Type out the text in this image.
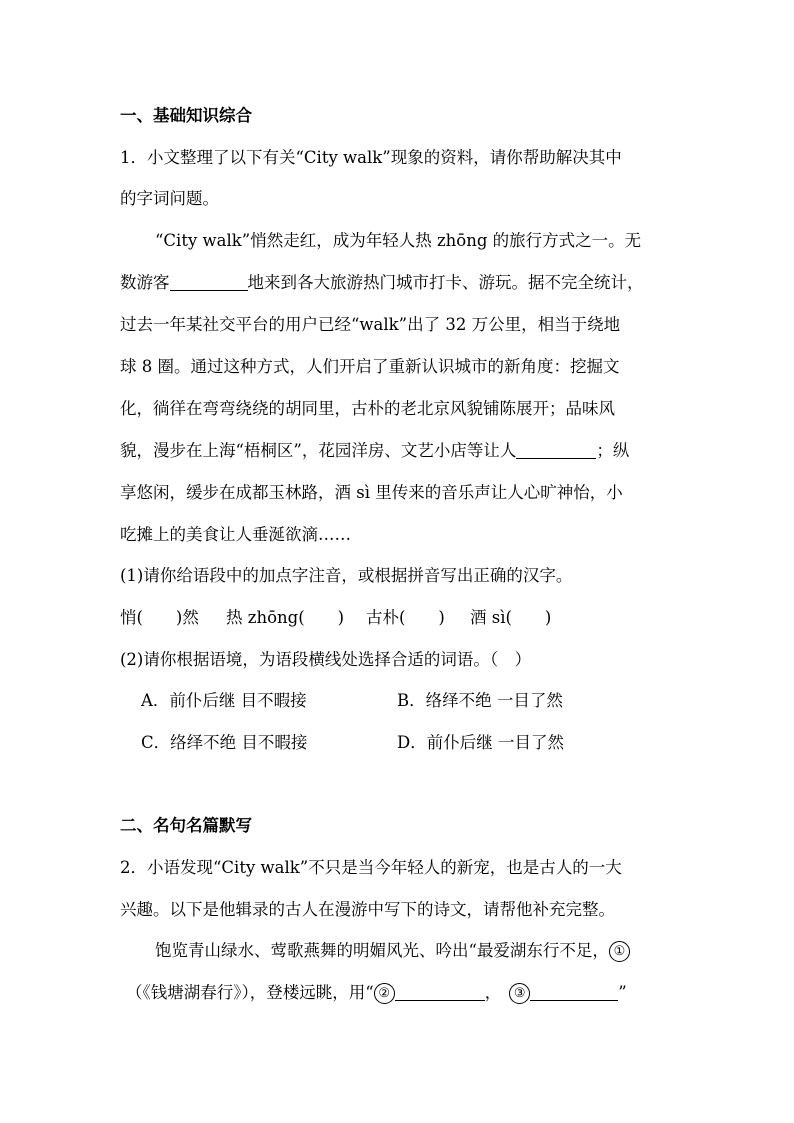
一、基础知识综合
1．小文整理了以下有关“City walk”现象的资料，请你帮助解决其中
的字词问题。
“City walk”悄然走红，成为年轻人热 zhōng 的旅行方式之一。无
数游客	地来到各大旅游热门城市打卡、游玩。据不完全统计，
过去一年某社交平台的用户已经“walk”出了 32 万公里，相当于绕地
球 8 圈。通过这种方式，人们开启了重新认识城市的新角度：挖掘文
化，徜徉在弯弯绕绕的胡同里，古朴的老北京风貌铺陈展开；品味风
貌，漫步在上海“梧桐区”，花园洋房、文艺小店等让人	；纵
享悠闲，缓步在成都玉林路，酒 sì 里传来的音乐声让人心旷神怡，小
吃摊上的美食让人垂涎欲滴……
(1)请你给语段中的加点字注音，或根据拼音写出正确的汉字。
悄(　　)然 热 zhōng(　　) 古朴(　　) 酒 sì(　　)
(2)请你根据语境，为语段横线处选择合适的词语。（　）
A．前仆后继 目不暇接	B．络绎不绝 一目了然
C．络绎不绝 目不暇接	D．前仆后继 一目了然
二、名句名篇默写
2．小语发现“City walk”不只是当今年轻人的新宠，也是古人的一大
兴趣。以下是他辑录的古人在漫游中写下的诗文，请帮他补充完整。
饱览青山绿水、莺歌燕舞的明媚风光、吟出“最爱湖东行不足， ①
（《钱塘湖春行》），登楼远眺，用“ ②	， ③	”
